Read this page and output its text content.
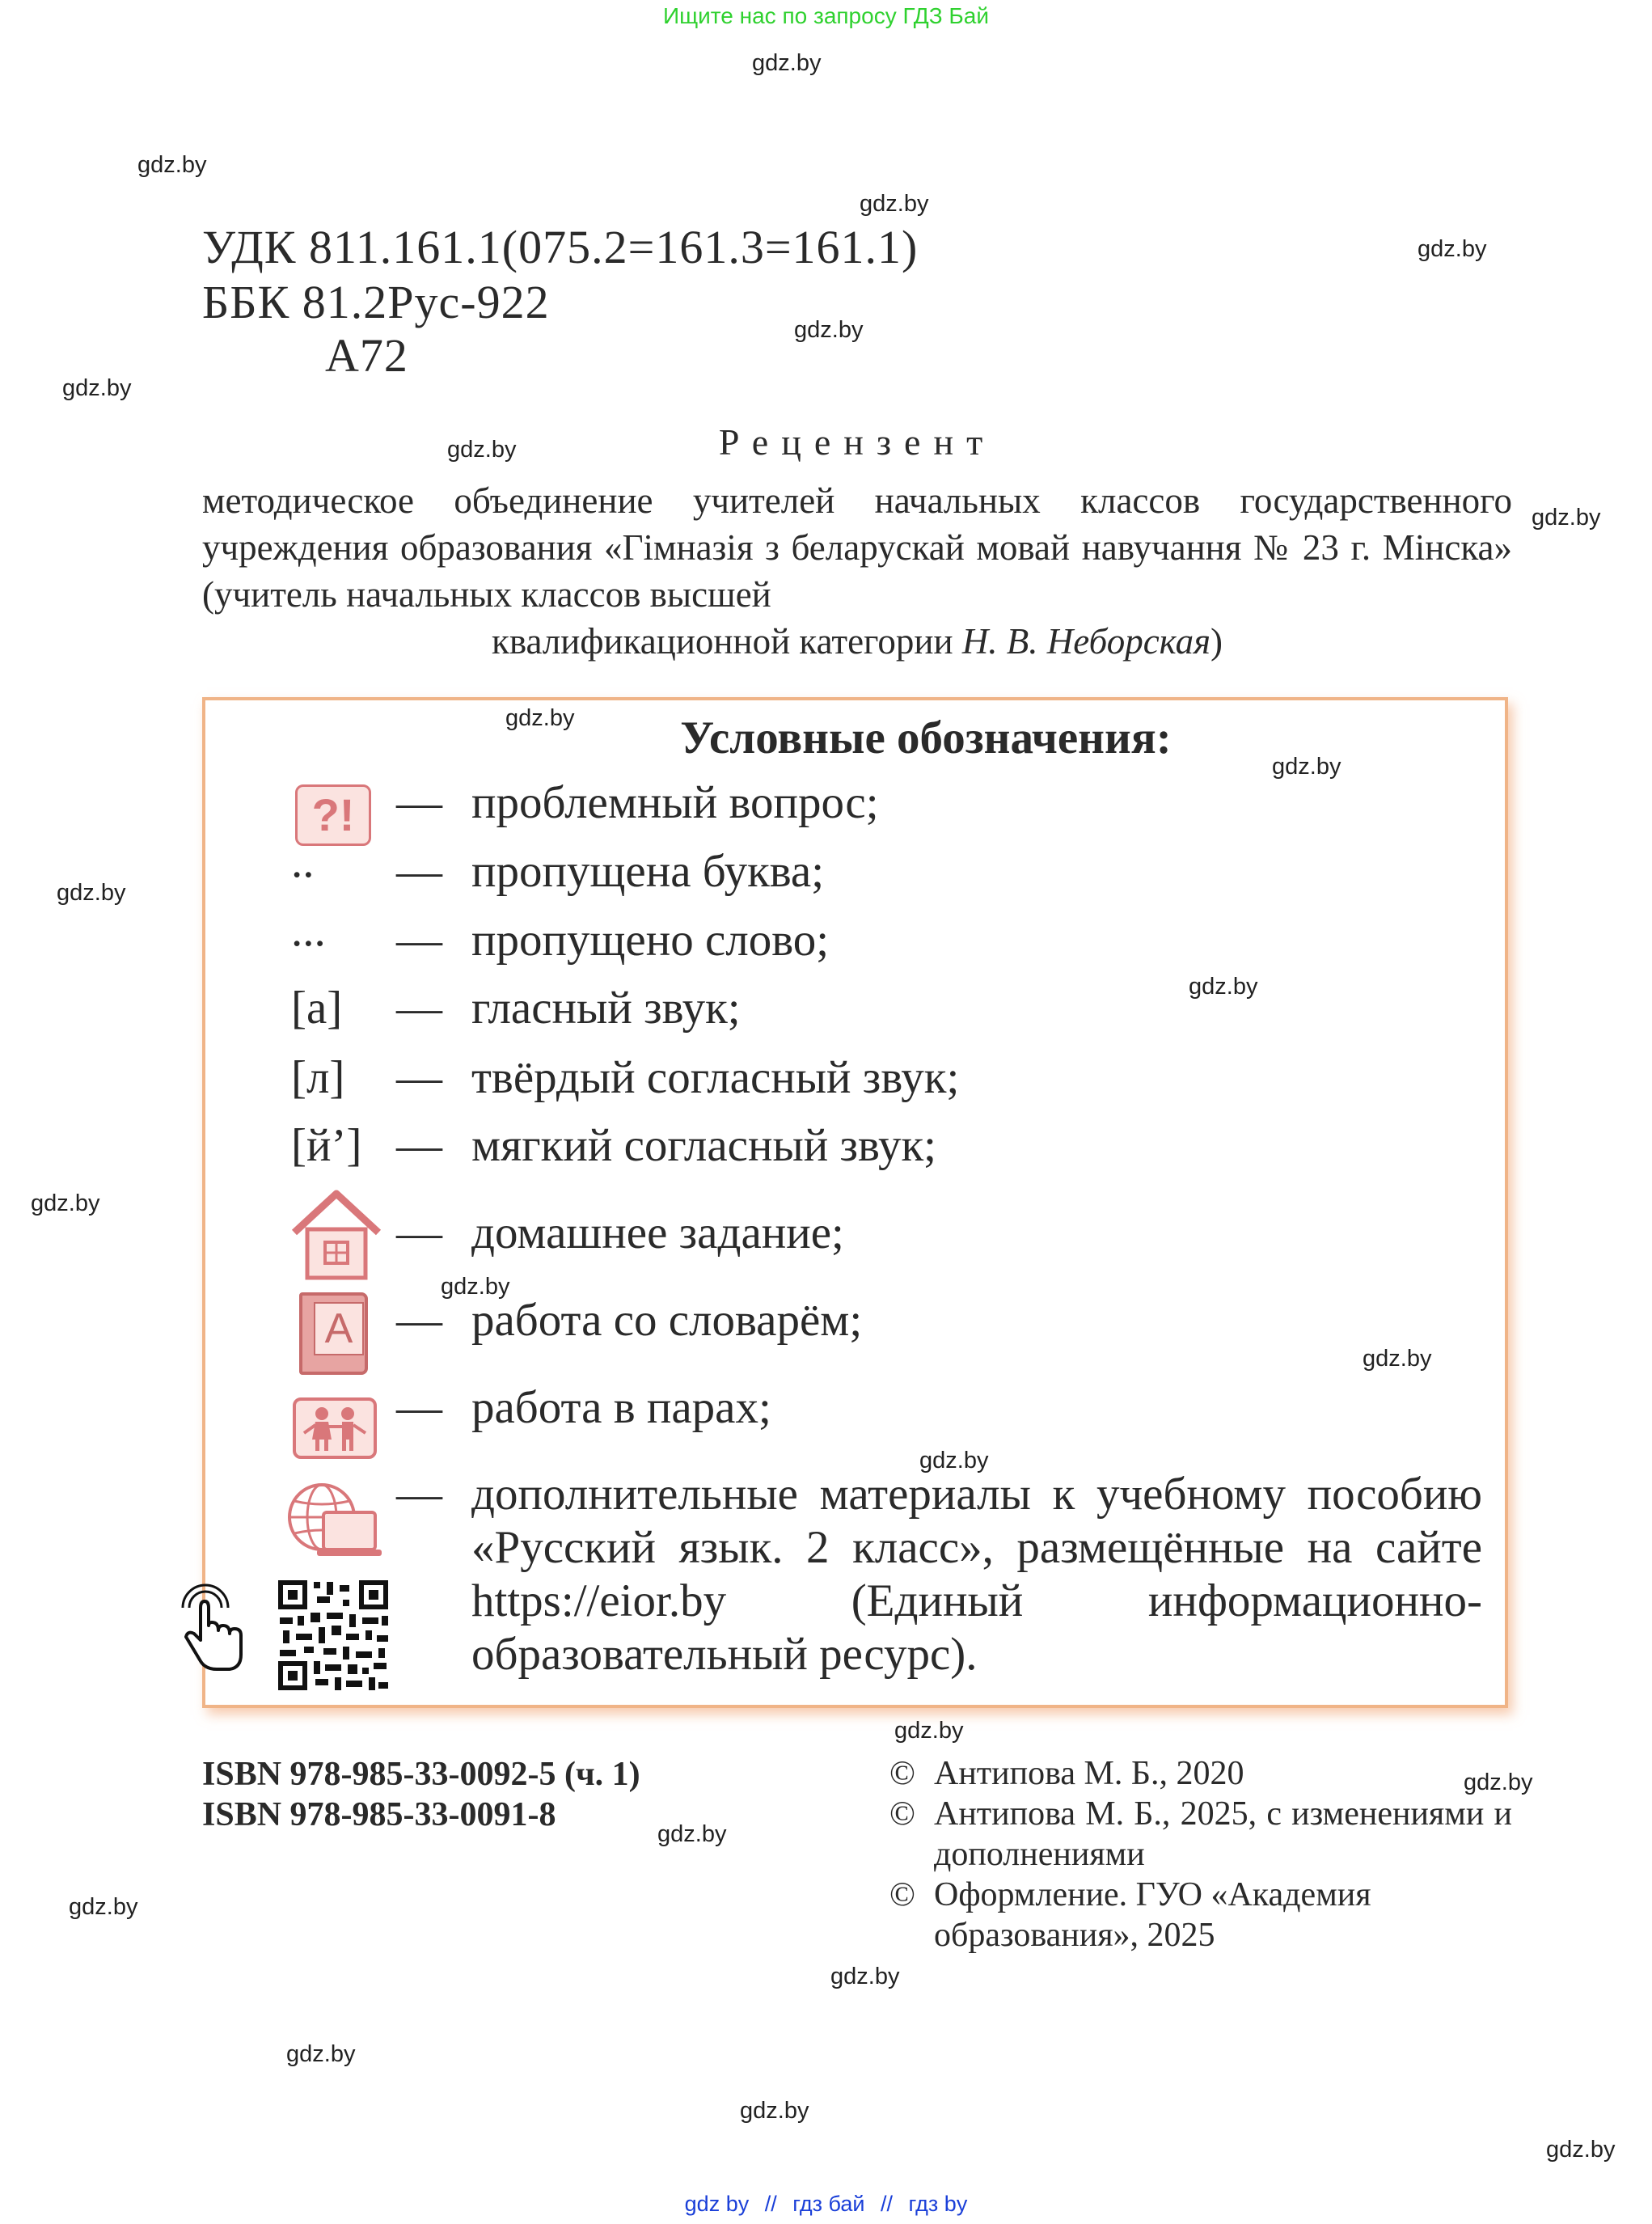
Ищите нас по запросу ГДЗ Бай
gdz.by
gdz.by
gdz.by
gdz.by
gdz.by
gdz.by
gdz.by
gdz.by
gdz.by
gdz.by
gdz.by
gdz.by
gdz.by
gdz.by
gdz.by
gdz.by
gdz.by
gdz.by
gdz.by
gdz.by
gdz.by
gdz.by
gdz.by
gdz.by
УДК 811.161.1(075.2=161.3=161.1)
ББК 81.2Рус-922
А72
Рецензент
методическое объединение учителей начальных классов государственного учреждения образования «Гімназія з беларускай мовай навучання № 23 г. Мінска» (учитель начальных классов высшей
квалификационной категории Н. В. Неборская)
Условные обозначения:
?! — проблемный вопрос;
.. — пропущена буква;
... — пропущено слово;
[а] — гласный звук;
[л] — твёрдый согласный звук;
[й’] — мягкий согласный звук;
— домашнее задание;
А — работа со словарём;
— работа в парах;
— дополнительные материалы к учебному пособию «Русский язык. 2 класс», размещённые на сайте https://eior.by (Единый информационно-образовательный ресурс).
ISBN 978-985-33-0092-5 (ч. 1)
ISBN 978-985-33-0091-8
© Антипова М. Б., 2020
© Антипова М. Б., 2025, с изменениями и дополнениями
© Оформление. ГУО «Академия образования», 2025
gdz by // гдз бай // гдз by
